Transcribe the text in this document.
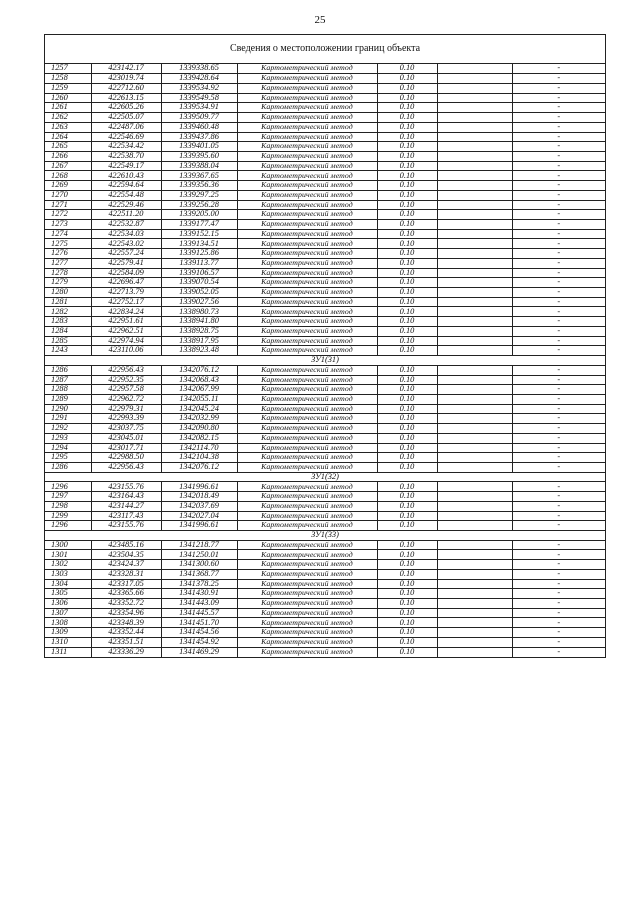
25
Сведения о местоположении границ объекта
1257	423142.17	1339338.65	Картометрический метод	0.10		-
1258	423019.74	1339428.64	Картометрический метод	0.10		-
1259	422712.60	1339534.92	Картометрический метод	0.10		-
1260	422613.15	1339549.58	Картометрический метод	0.10		-
1261	422605.26	1339534.91	Картометрический метод	0.10		-
1262	422505.07	1339509.77	Картометрический метод	0.10		-
1263	422487.06	1339460.48	Картометрический метод	0.10		-
1264	422546.69	1339437.86	Картометрический метод	0.10		-
1265	422534.42	1339401.05	Картометрический метод	0.10		-
1266	422538.70	1339395.60	Картометрический метод	0.10		-
1267	422549.17	1339388.04	Картометрический метод	0.10		-
1268	422610.43	1339367.65	Картометрический метод	0.10		-
1269	422594.64	1339356.36	Картометрический метод	0.10		-
1270	422554.48	1339297.25	Картометрический метод	0.10		-
1271	422529.46	1339256.28	Картометрический метод	0.10		-
1272	422511.20	1339205.00	Картометрический метод	0.10		-
1273	422532.87	1339177.47	Картометрический метод	0.10		-
1274	422534.03	1339152.15	Картометрический метод	0.10		-
1275	422543.02	1339134.51	Картометрический метод	0.10		-
1276	422557.24	1339125.86	Картометрический метод	0.10		-
1277	422579.41	1339113.77	Картометрический метод	0.10		-
1278	422584.09	1339106.57	Картометрический метод	0.10		-
1279	422696.47	1339070.54	Картометрический метод	0.10		-
1280	422713.79	1339052.05	Картометрический метод	0.10		-
1281	422752.17	1339027.56	Картометрический метод	0.10		-
1282	422834.24	1338980.73	Картометрический метод	0.10		-
1283	422951.61	1338941.80	Картометрический метод	0.10		-
1284	422962.51	1338928.75	Картометрический метод	0.10		-
1285	422974.94	1338917.95	Картометрический метод	0.10		-
1243	423110.06	1338923.48	Картометрический метод	0.10		-
ЗУ1(31)						
1286	422956.43	1342076.12	Картометрический метод	0.10		-
1287	422952.35	1342068.43	Картометрический метод	0.10		-
1288	422957.58	1342067.99	Картометрический метод	0.10		-
1289	422962.72	1342055.11	Картометрический метод	0.10		-
1290	422979.31	1342045.24	Картометрический метод	0.10		-
1291	422993.39	1342032.99	Картометрический метод	0.10		-
1292	423037.75	1342090.80	Картометрический метод	0.10		-
1293	423045.01	1342082.15	Картометрический метод	0.10		-
1294	423017.71	1342114.70	Картометрический метод	0.10		-
1295	422988.50	1342104.38	Картометрический метод	0.10		-
1286	422956.43	1342076.12	Картометрический метод	0.10		-
ЗУ1(32)						
1296	423155.76	1341996.61	Картометрический метод	0.10		-
1297	423164.43	1342018.49	Картометрический метод	0.10		-
1298	423144.27	1342037.69	Картометрический метод	0.10		-
1299	423117.43	1342027.04	Картометрический метод	0.10		-
1296	423155.76	1341996.61	Картометрический метод	0.10		-
ЗУ1(33)						
1300	423485.16	1341218.77	Картометрический метод	0.10		-
1301	423504.35	1341250.01	Картометрический метод	0.10		-
1302	423424.37	1341300.60	Картометрический метод	0.10		-
1303	423328.31	1341368.77	Картометрический метод	0.10		-
1304	423317.05	1341378.25	Картометрический метод	0.10		-
1305	423365.66	1341430.91	Картометрический метод	0.10		-
1306	423352.72	1341443.09	Картометрический метод	0.10		-
1307	423354.96	1341445.57	Картометрический метод	0.10		-
1308	423348.39	1341451.70	Картометрический метод	0.10		-
1309	423352.44	1341454.56	Картометрический метод	0.10		-
1310	423351.51	1341454.92	Картометрический метод	0.10		-
1311	423336.29	1341469.29	Картометрический метод	0.10		-
